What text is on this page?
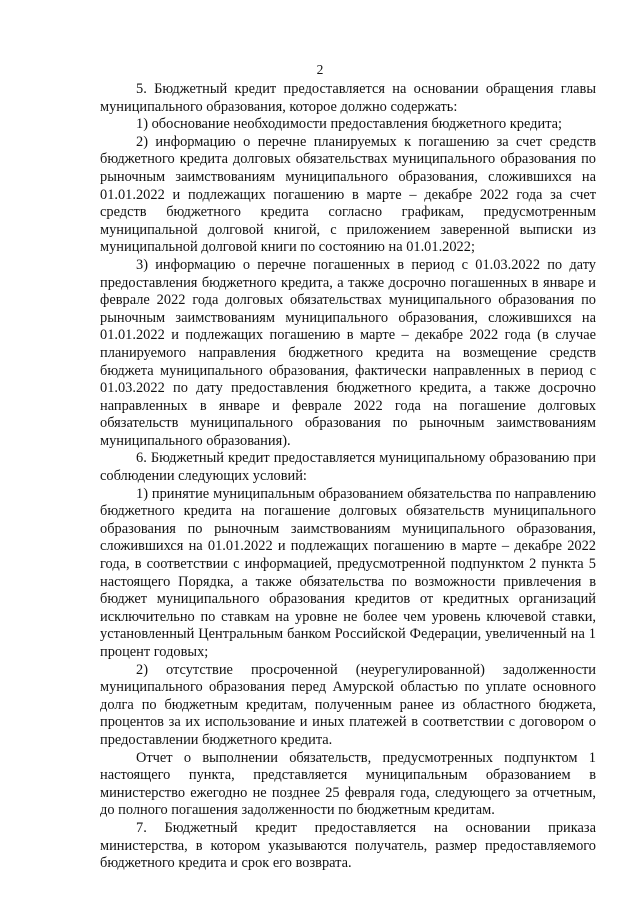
2

5. Бюджетный кредит предоставляется на основании обращения главы муниципального образования, которое должно содержать:

1) обоснование необходимости предоставления бюджетного кредита;

2) информацию о перечне планируемых к погашению за счет средств бюджетного кредита долговых обязательствах муниципального образования по рыночным заимствованиям муниципального образования, сложившихся на 01.01.2022 и подлежащих погашению в марте – декабре 2022 года за счет средств бюджетного кредита согласно графикам, предусмотренным муниципальной долговой книгой, с приложением заверенной выписки из муниципальной долговой книги по состоянию на 01.01.2022;

3) информацию о перечне погашенных в период с 01.03.2022 по дату предоставления бюджетного кредита, а также досрочно погашенных в январе и феврале 2022 года долговых обязательствах муниципального образования по рыночным заимствованиям муниципального образования, сложившихся на 01.01.2022 и подлежащих погашению в марте – декабре 2022 года (в случае планируемого направления бюджетного кредита на возмещение средств бюджета муниципального образования, фактически направленных в период с 01.03.2022 по дату предоставления бюджетного кредита, а также досрочно направленных в январе и феврале 2022 года на погашение долговых обязательств муниципального образования по рыночным заимствованиям муниципального образования).

6. Бюджетный кредит предоставляется муниципальному образованию при соблюдении следующих условий:

1) принятие муниципальным образованием обязательства по направлению бюджетного кредита на погашение долговых обязательств муниципального образования по рыночным заимствованиям муниципального образования, сложившихся на 01.01.2022 и подлежащих погашению в марте – декабре 2022 года, в соответствии с информацией, предусмотренной подпунктом 2 пункта 5 настоящего Порядка, а также обязательства по возможности привлечения в бюджет муниципального образования кредитов от кредитных организаций исключительно по ставкам на уровне не более чем уровень ключевой ставки, установленный Центральным банком Российской Федерации, увеличенный на 1 процент годовых;

2) отсутствие просроченной (неурегулированной) задолженности муниципального образования перед Амурской областью по уплате основного долга по бюджетным кредитам, полученным ранее из областного бюджета, процентов за их использование и иных платежей в соответствии с договором о предоставлении бюджетного кредита.

Отчет о выполнении обязательств, предусмотренных подпунктом 1 настоящего пункта, представляется муниципальным образованием в министерство ежегодно не позднее 25 февраля года, следующего за отчетным, до полного погашения задолженности по бюджетным кредитам.

7. Бюджетный кредит предоставляется на основании приказа министерства, в котором указываются получатель, размер предоставляемого бюджетного кредита и срок его возврата.
